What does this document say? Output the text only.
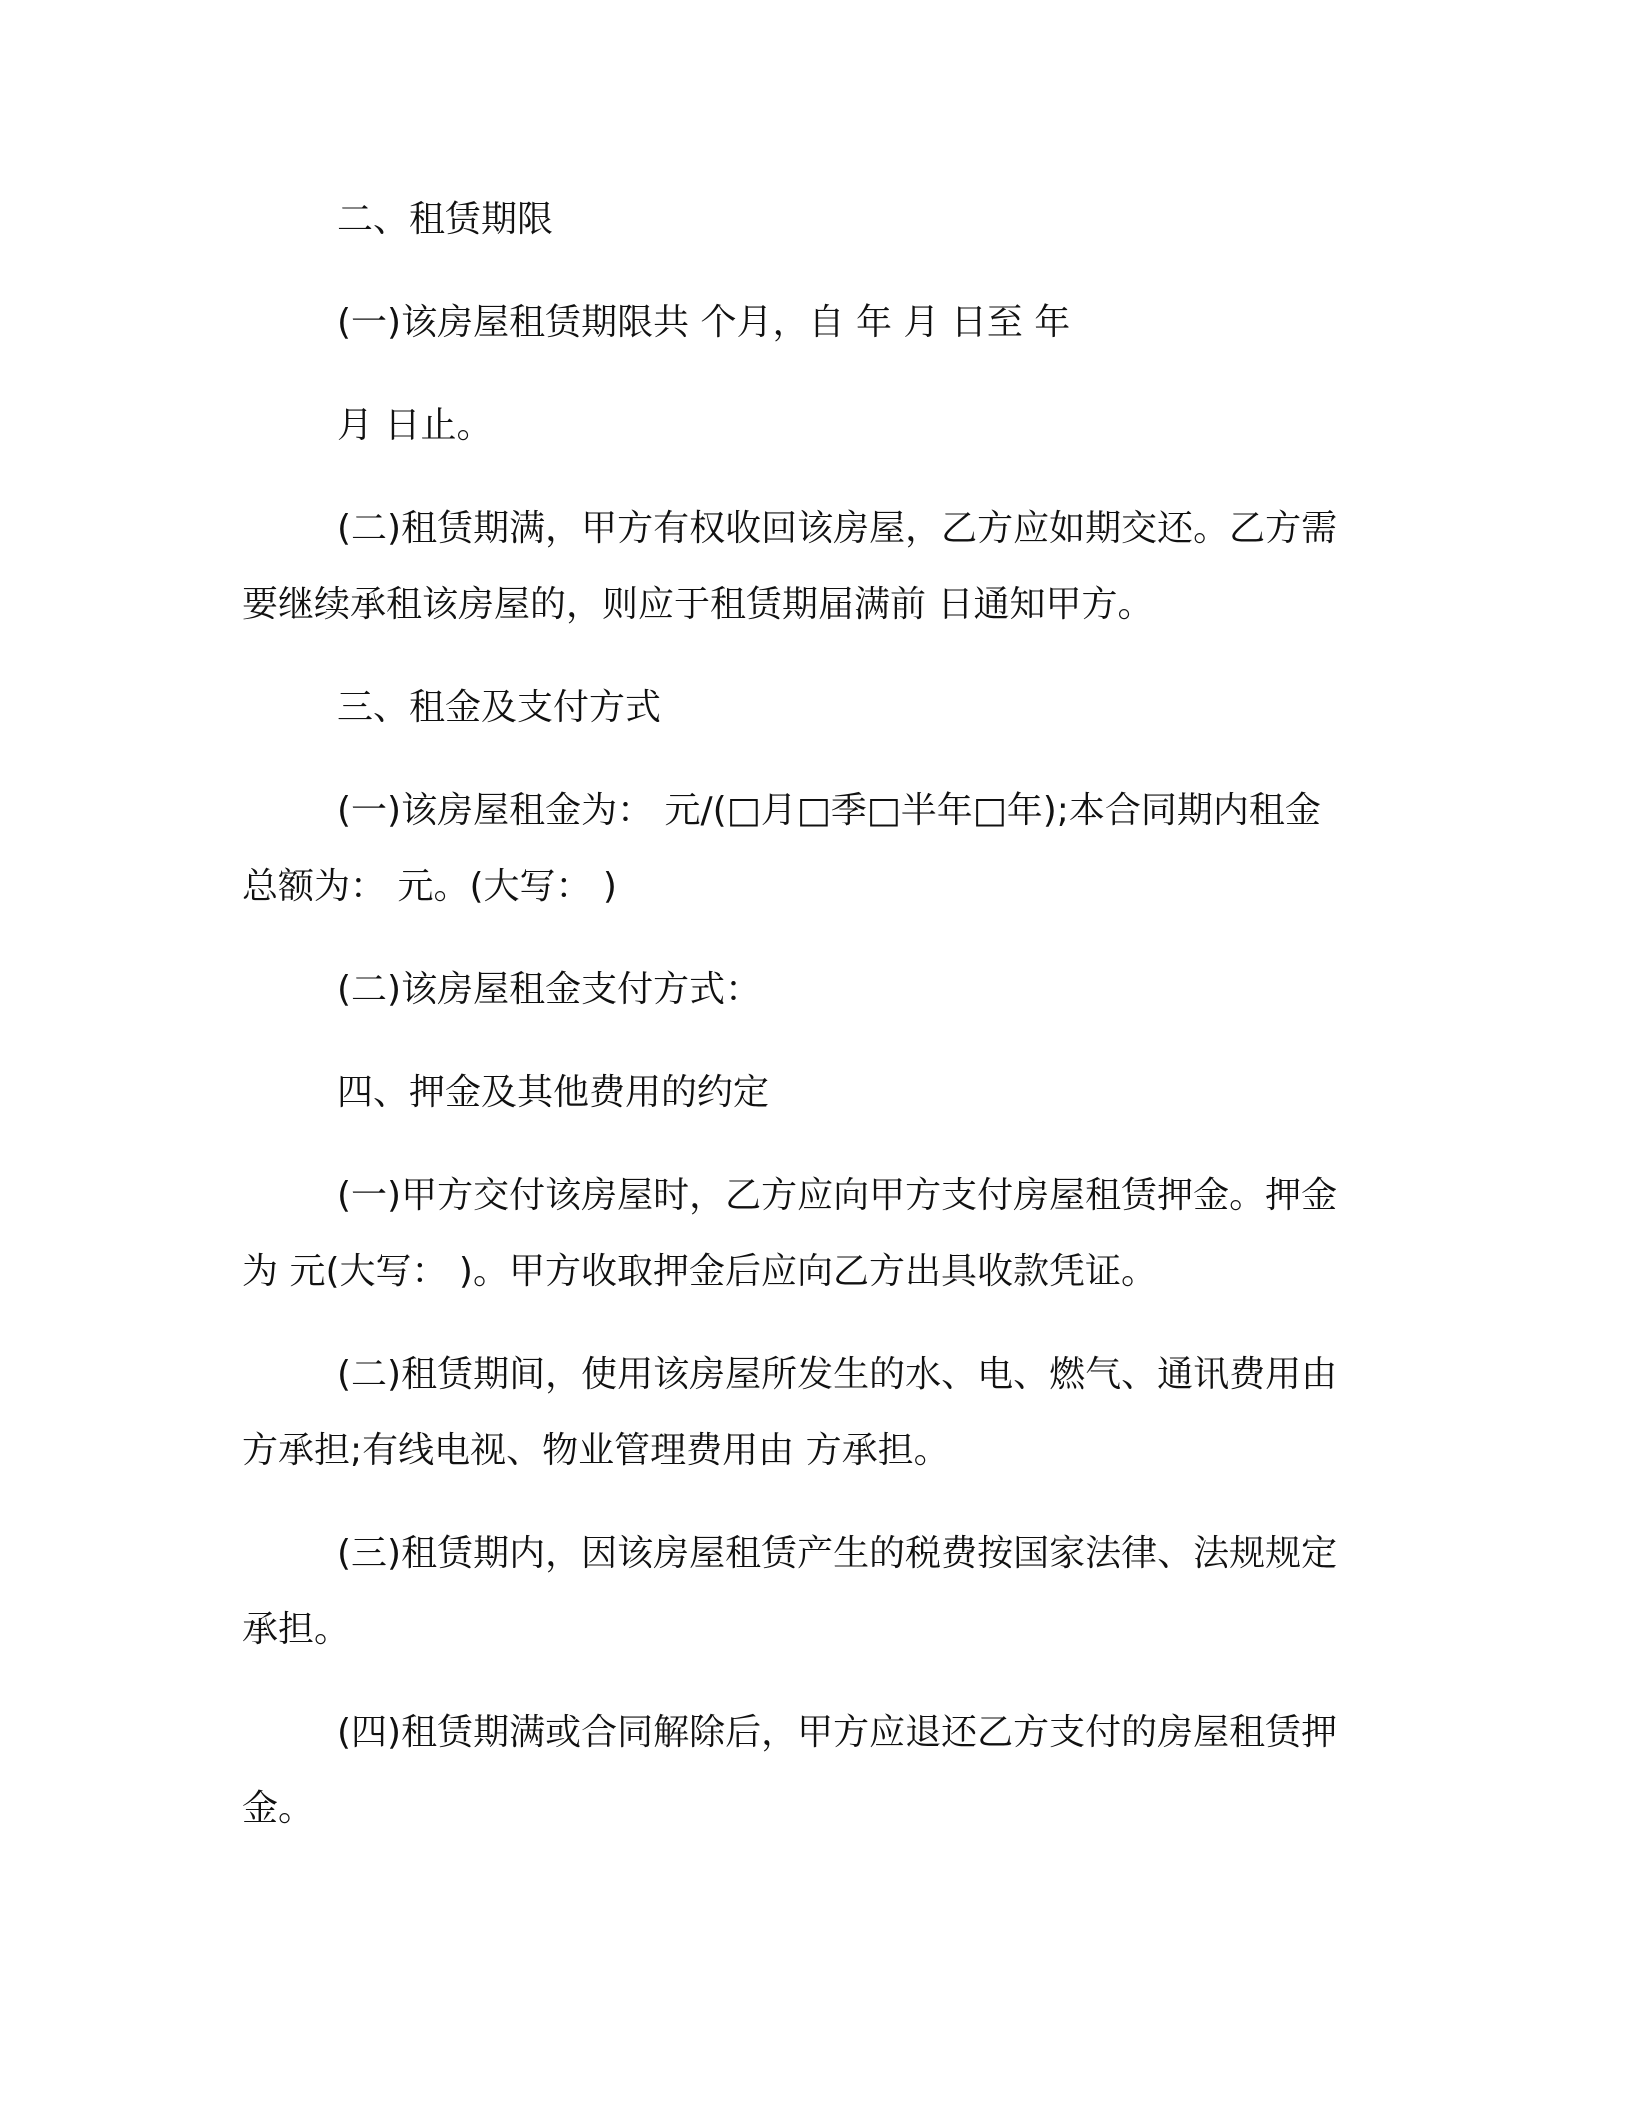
二、租赁期限

(一)该房屋租赁期限共 个月，自 年 月 日至 年

月 日止。

(二)租赁期满，甲方有权收回该房屋，乙方应如期交还。乙方需

要继续承租该房屋的，则应于租赁期届满前 日通知甲方。

三、租金及支付方式

(一)该房屋租金为： 元/(□月□季□半年□年);本合同期内租金

总额为： 元。(大写： )

(二)该房屋租金支付方式：

四、押金及其他费用的约定

(一)甲方交付该房屋时，乙方应向甲方支付房屋租赁押金。押金

为 元(大写： )。甲方收取押金后应向乙方出具收款凭证。

(二)租赁期间，使用该房屋所发生的水、电、燃气、通讯费用由

方承担;有线电视、物业管理费用由 方承担。

(三)租赁期内，因该房屋租赁产生的税费按国家法律、法规规定

承担。

(四)租赁期满或合同解除后，甲方应退还乙方支付的房屋租赁押

金。
